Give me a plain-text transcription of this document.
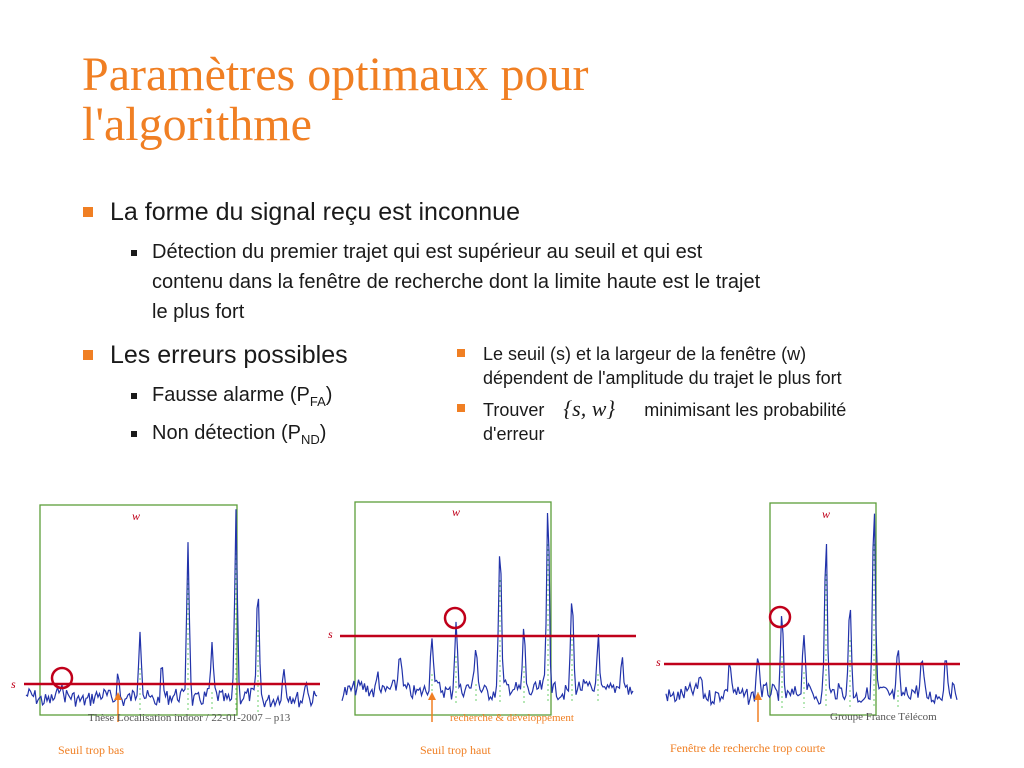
Paramètres optimaux pour
l'algorithme
La forme du signal reçu est inconnue
Détection du premier trajet qui est supérieur au seuil et qui est
contenu dans la fenêtre de recherche dont la limite haute est le trajet
le plus fort
Les erreurs possibles
Fausse alarme $(P_{FA})$
Non détection $(P_{ND})$
Le seuil (s) et la largeur de la fenêtre (w)
dépendent de l'amplitude du trajet le plus fort
Trouver {s, w} minimisant les probabilité
d'erreur
s
w
s
w
s
w
Seuil trop bas	Seuil trop haut	Fenêtre de recherche trop courte
Thèse Localisation indoor / 22-01-2007 – p13	recherche & développement	Groupe France Télécom
